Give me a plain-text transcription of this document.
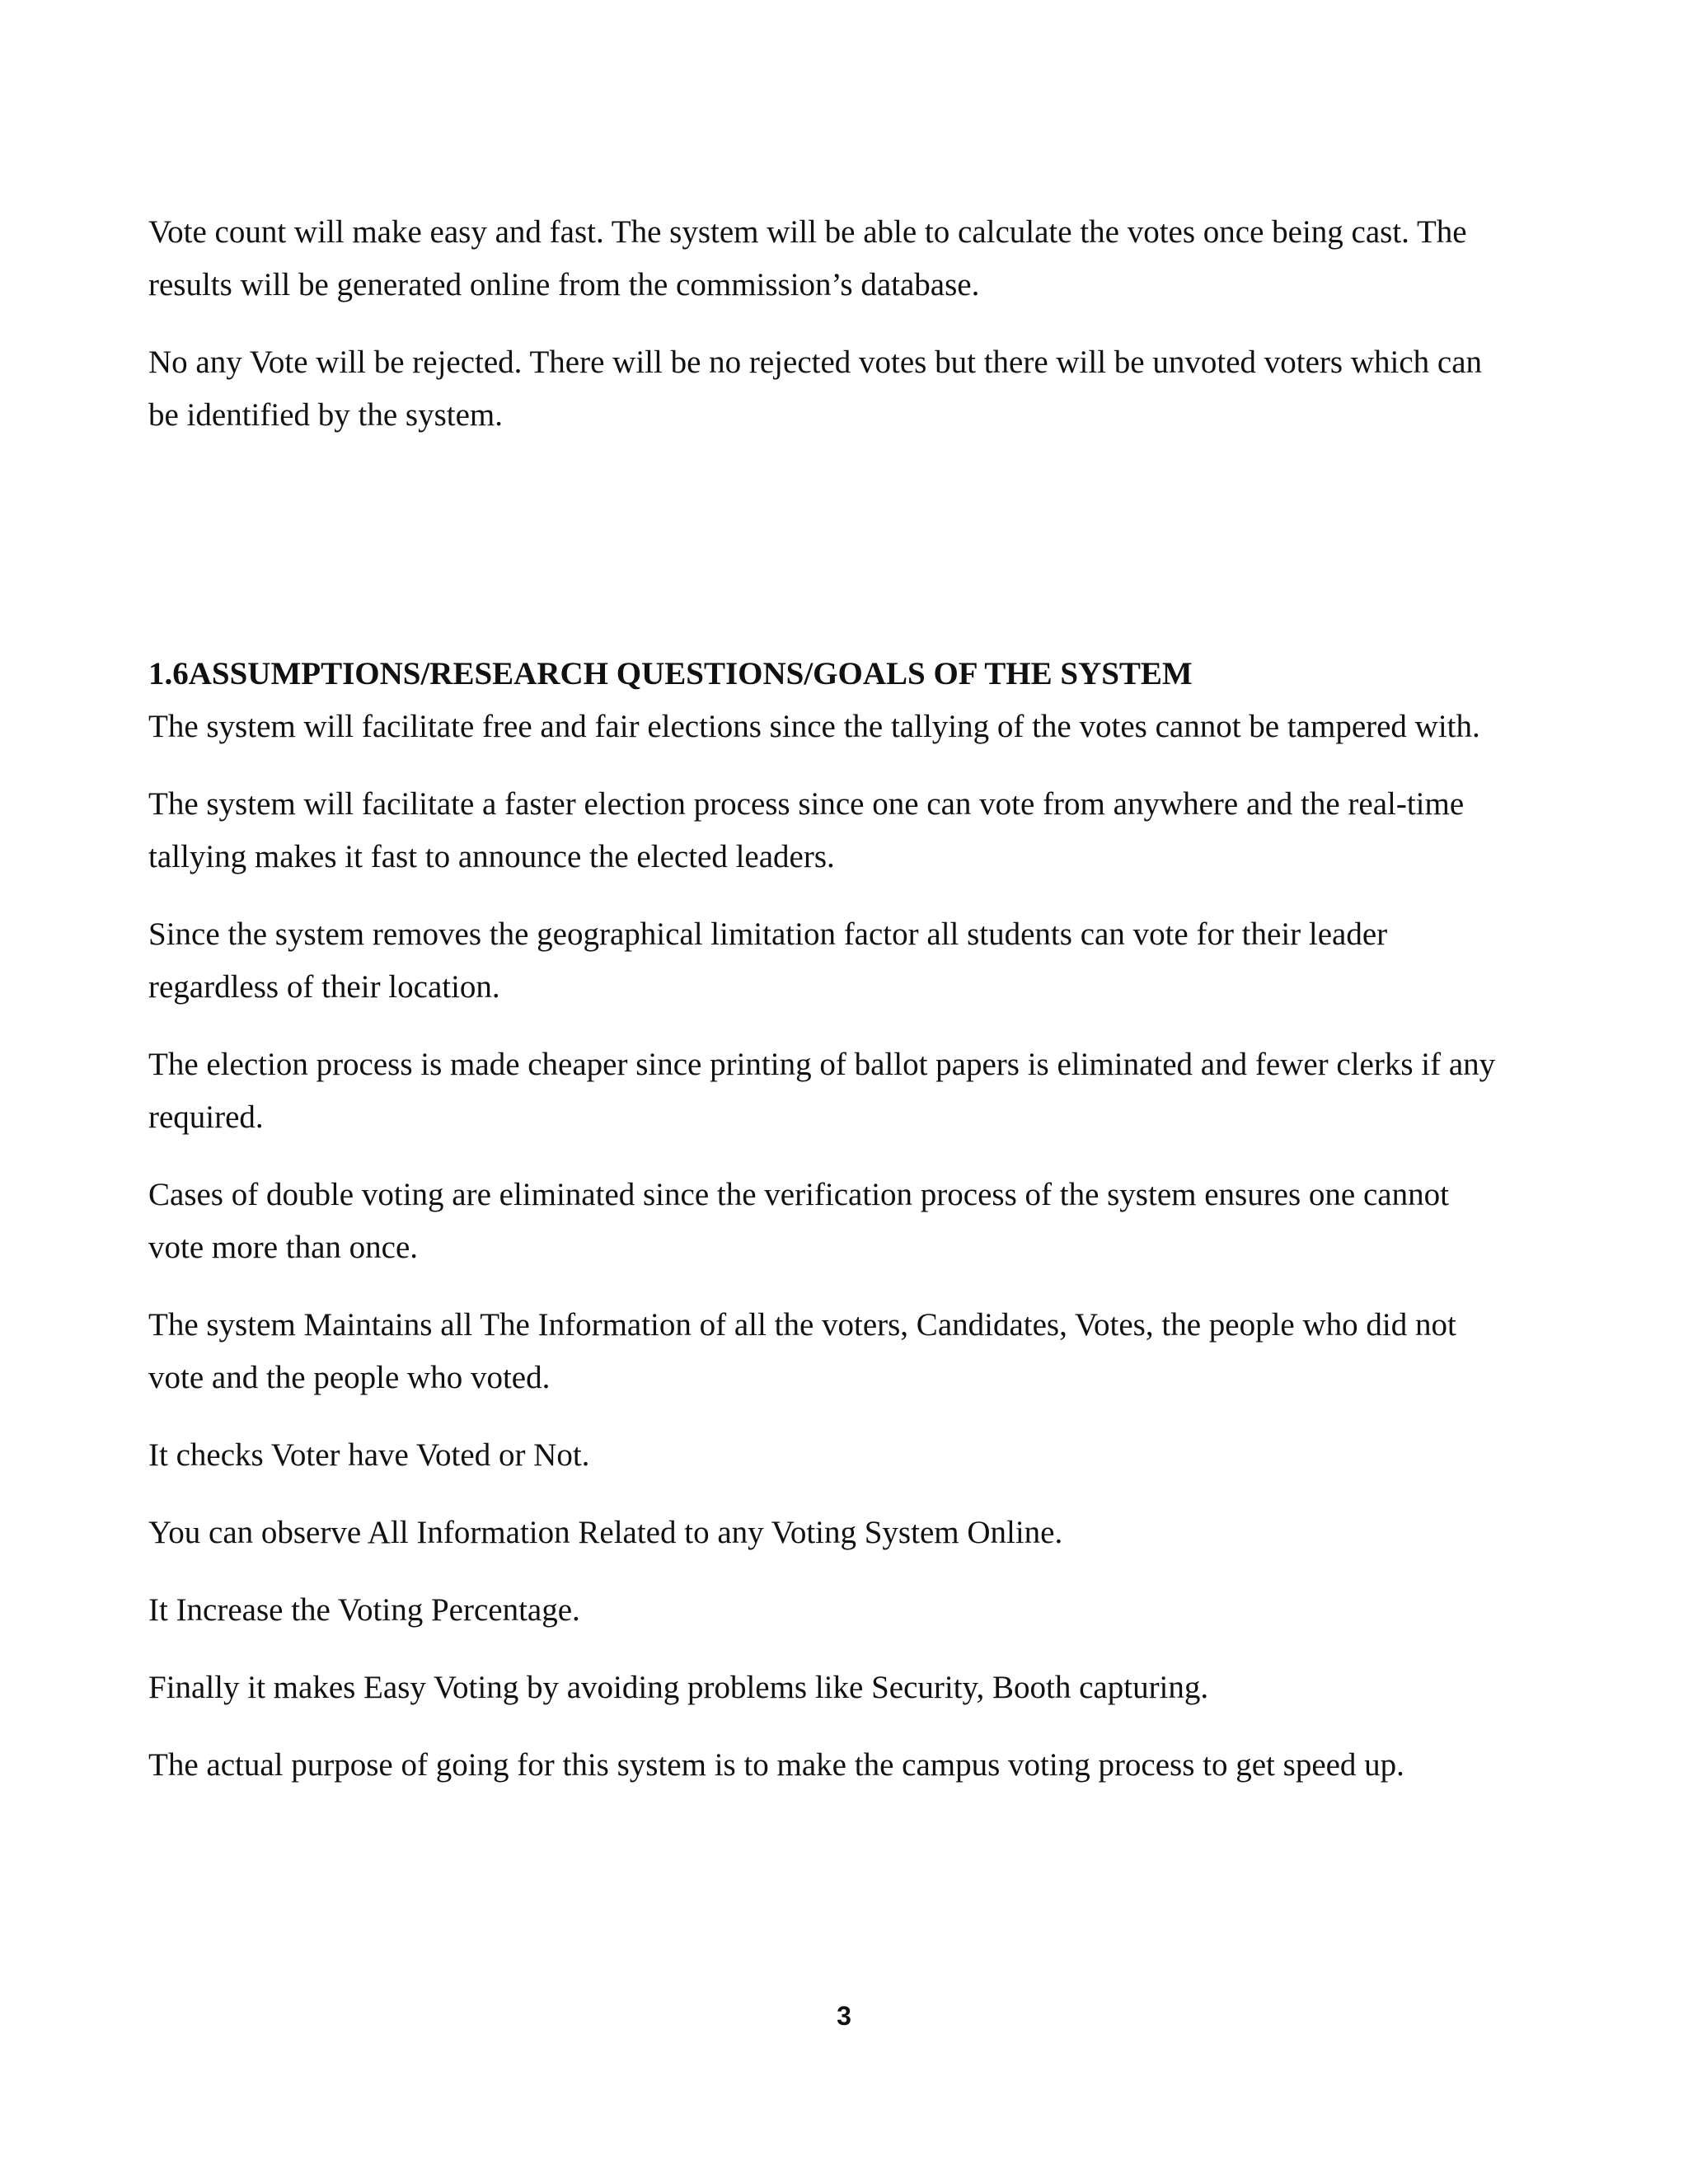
Vote count will make easy and fast. The system will be able to calculate the votes once being cast. The
results will be generated online from the commission’s database.
No any Vote will be rejected. There will be no rejected votes but there will be unvoted voters which can
be identified by the system.
1.6ASSUMPTIONS/RESEARCH QUESTIONS/GOALS OF THE SYSTEM
The system will facilitate free and fair elections since the tallying of the votes cannot be tampered with.
The system will facilitate a faster election process since one can vote from anywhere and the real-time
tallying makes it fast to announce the elected leaders.
Since the system removes the geographical limitation factor all students can vote for their leader
regardless of their location.
The election process is made cheaper since printing of ballot papers is eliminated and fewer clerks if any
required.
Cases of double voting are eliminated since the verification process of the system ensures one cannot
vote more than once.
The system Maintains all The Information of all the voters, Candidates, Votes, the people who did not
vote and the people who voted.
It checks Voter have Voted or Not.
You can observe All Information Related to any Voting System Online.
It Increase the Voting Percentage.
Finally it makes Easy Voting by avoiding problems like Security, Booth capturing.
The actual purpose of going for this system is to make the campus voting process to get speed up.
3
